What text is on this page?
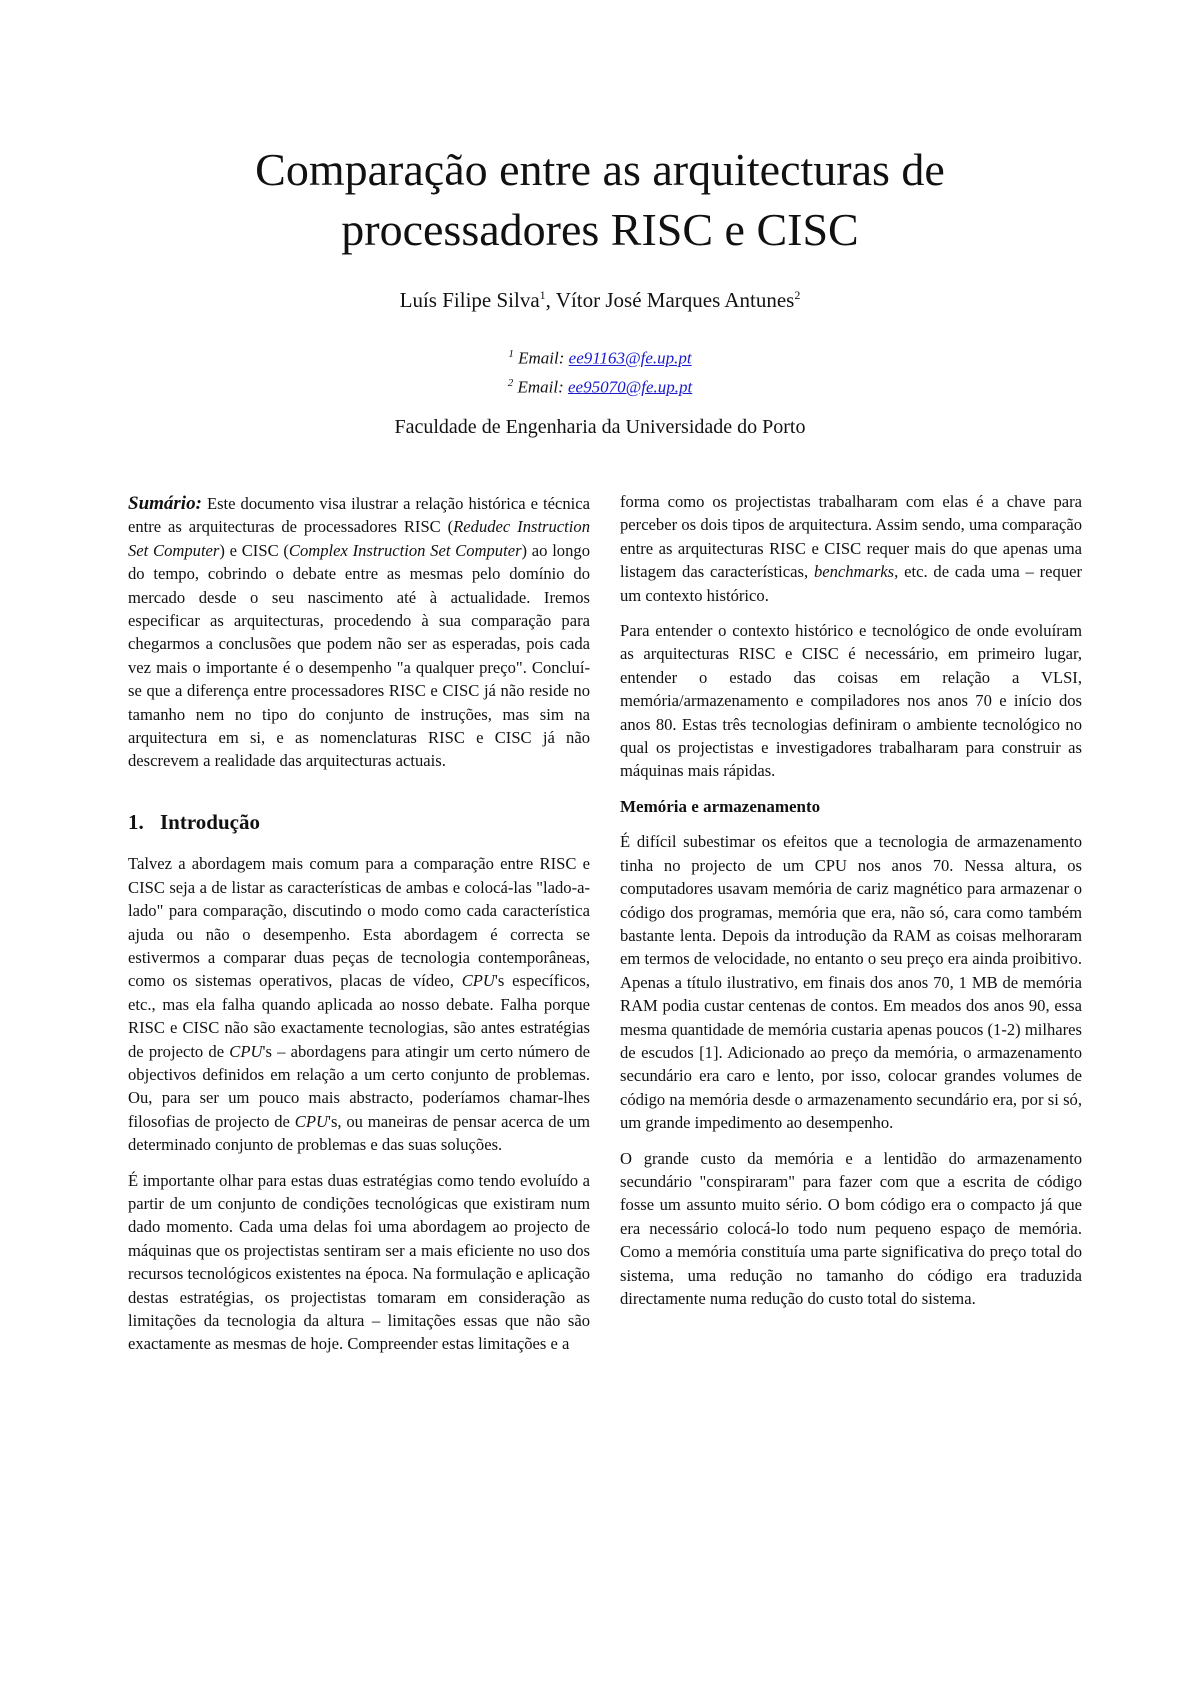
Comparação entre as arquitecturas de
processadores RISC e CISC
Luís Filipe Silva$^1$, Vítor José Marques Antunes$^2$
$^1$ Email: ee91163@fe.up.pt
$^2$ Email: ee95070@fe.up.pt
Faculdade de Engenharia da Universidade do Porto

Sumário: Este documento visa ilustrar a relação histórica e técnica entre as arquitecturas de processadores RISC (Redudec Instruction Set Computer) e CISC (Complex Instruction Set Computer) ao longo do tempo, cobrindo o debate entre as mesmas pelo domínio do mercado desde o seu nascimento até à actualidade. Iremos especificar as arquitecturas, procedendo à sua comparação para chegarmos a conclusões que podem não ser as esperadas, pois cada vez mais o importante é o desempenho "a qualquer preço". Concluí-se que a diferença entre processadores RISC e CISC já não reside no tamanho nem no tipo do conjunto de instruções, mas sim na arquitectura em si, e as nomenclaturas RISC e CISC já não descrevem a realidade das arquitecturas actuais.

1. Introdução

Talvez a abordagem mais comum para a comparação entre RISC e CISC seja a de listar as características de ambas e colocá-las "lado-a-lado" para comparação, discutindo o modo como cada característica ajuda ou não o desempenho. Esta abordagem é correcta se estivermos a comparar duas peças de tecnologia contemporâneas, como os sistemas operativos, placas de vídeo, CPU's específicos, etc., mas ela falha quando aplicada ao nosso debate. Falha porque RISC e CISC não são exactamente tecnologias, são antes estratégias de projecto de CPU's – abordagens para atingir um certo número de objectivos definidos em relação a um certo conjunto de problemas. Ou, para ser um pouco mais abstracto, poderíamos chamar-lhes filosofias de projecto de CPU's, ou maneiras de pensar acerca de um determinado conjunto de problemas e das suas soluções.

É importante olhar para estas duas estratégias como tendo evoluído a partir de um conjunto de condições tecnológicas que existiram num dado momento. Cada uma delas foi uma abordagem ao projecto de máquinas que os projectistas sentiram ser a mais eficiente no uso dos recursos tecnológicos existentes na época. Na formulação e aplicação destas estratégias, os projectistas tomaram em consideração as limitações da tecnologia da altura – limitações essas que não são exactamente as mesmas de hoje. Compreender estas limitações e a

forma como os projectistas trabalharam com elas é a chave para perceber os dois tipos de arquitectura. Assim sendo, uma comparação entre as arquitecturas RISC e CISC requer mais do que apenas uma listagem das características, benchmarks, etc. de cada uma – requer um contexto histórico.

Para entender o contexto histórico e tecnológico de onde evoluíram as arquitecturas RISC e CISC é necessário, em primeiro lugar, entender o estado das coisas em relação a VLSI, memória/armazenamento e compiladores nos anos 70 e início dos anos 80. Estas três tecnologias definiram o ambiente tecnológico no qual os projectistas e investigadores trabalharam para construir as máquinas mais rápidas.

Memória e armazenamento

É difícil subestimar os efeitos que a tecnologia de armazenamento tinha no projecto de um CPU nos anos 70. Nessa altura, os computadores usavam memória de cariz magnético para armazenar o código dos programas, memória que era, não só, cara como também bastante lenta. Depois da introdução da RAM as coisas melhoraram em termos de velocidade, no entanto o seu preço era ainda proibitivo. Apenas a título ilustrativo, em finais dos anos 70, 1 MB de memória RAM podia custar centenas de contos. Em meados dos anos 90, essa mesma quantidade de memória custaria apenas poucos (1-2) milhares de escudos [1]. Adicionado ao preço da memória, o armazenamento secundário era caro e lento, por isso, colocar grandes volumes de código na memória desde o armazenamento secundário era, por si só, um grande impedimento ao desempenho.

O grande custo da memória e a lentidão do armazenamento secundário "conspiraram" para fazer com que a escrita de código fosse um assunto muito sério. O bom código era o compacto já que era necessário colocá-lo todo num pequeno espaço de memória. Como a memória constituía uma parte significativa do preço total do sistema, uma redução no tamanho do código era traduzida directamente numa redução do custo total do sistema.
